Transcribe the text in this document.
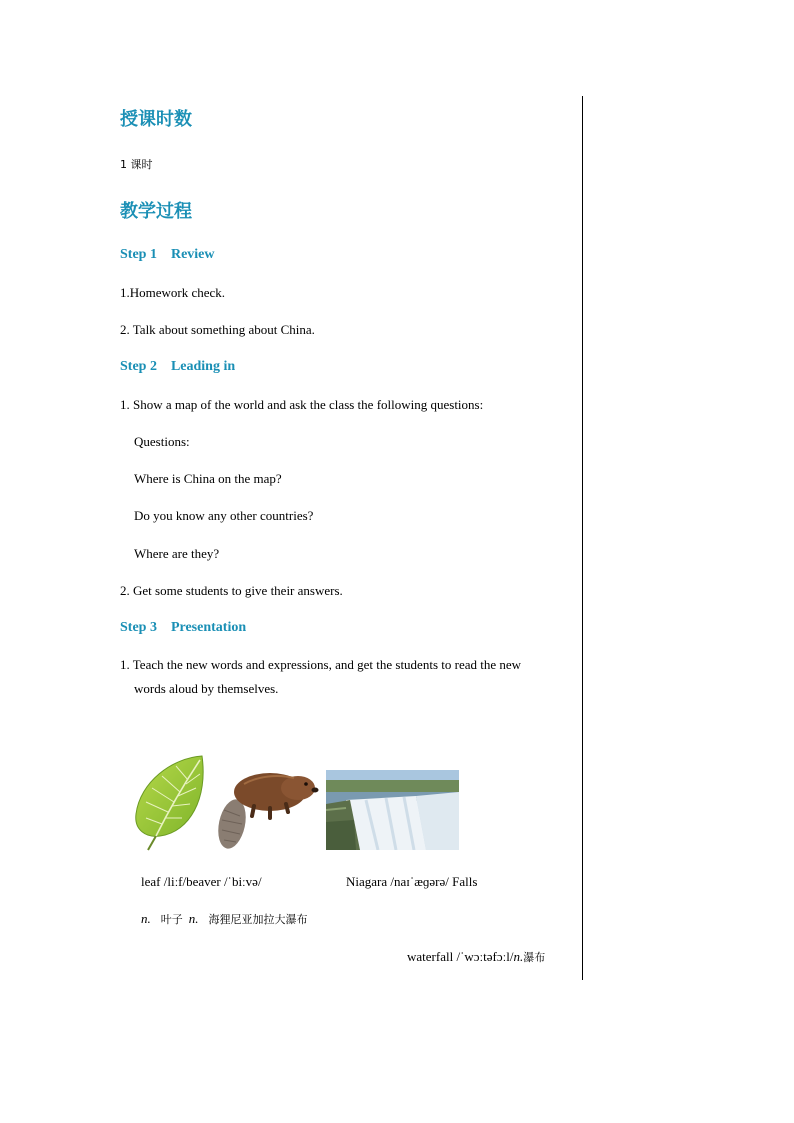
授课时数
1 课时
教学过程
Step 1 Review
1.Homework check.
2. Talk about something about China.
Step 2 Leading in
1. Show a map of the world and ask the class the following questions:
Questions:
Where is China on the map?
Do you know any other countries?
Where are they?
2. Get some students to give their answers.
Step 3 Presentation
1. Teach the new words and expressions, and get the students to read the new
words aloud by themselves.
leaf /liːf/beaver /ˈbiːvə/	Niagara /naɪˈæɡərə/ Falls
n. 叶子 n. 海狸尼亚加拉大瀑布
waterfall /ˈwɔːtəfɔːl/n.瀑布
